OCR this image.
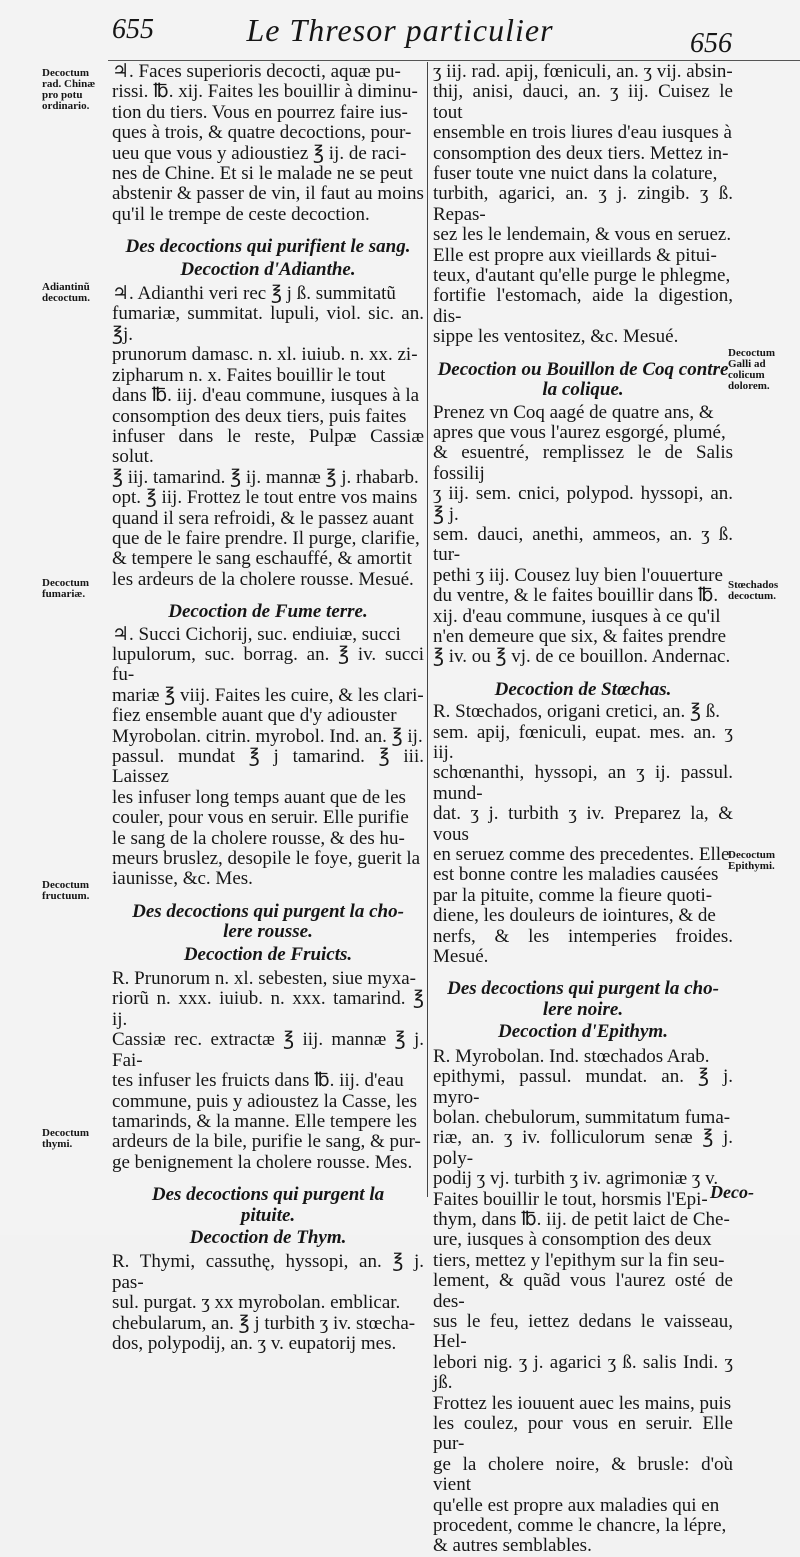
655	Le Thresor particulier	656
Decoctum
rad. Chinæ
pro potu
ordinario.
Adiantinũ
decoctum.
Decoctum
fumariæ.
Decoctum
fructuum.
Decoctum
thymi.
Decoctum
Galli ad
colicum
dolorem.
Stœchados
decoctum.
Decoctum
Epithymi.

♃. Faces superioris decocti, aquæ pu-
rissi. ℔. xij. Faites les bouillir à diminu-
tion du tiers. Vous en pourrez faire ius-
ques à trois, & quatre decoctions, pour-
ueu que vous y adioustiez ℥ ij. de raci-
nes de Chine. Et si le malade ne se peut
abstenir & passer de vin, il faut au moins
qu'il le trempe de ceste decoction.

Des decoctions qui purifient le sang.
Decoction d'Adianthe.

♃. Adianthi veri rec ℥ j ß. summitatũ
fumariæ, summitat. lupuli, viol. sic. an. ℥j.
prunorum damasc. n. xl. iuiub. n. xx. zi-
zipharum n. x. Faites bouillir le tout
dans ℔. iij. d'eau commune, iusques à la
consomption des deux tiers, puis faites
infuser dans le reste, Pulpæ Cassiæ solut.
℥ iij. tamarind. ℥ ij. mannæ ℥ j. rhabarb.
opt. ℥ iij. Frottez le tout entre vos mains
quand il sera refroidi, & le passez auant
que de le faire prendre. Il purge, clarifie,
& tempere le sang eschauffé, & amortit
les ardeurs de la cholere rousse. Mesué.

Decoction de Fume terre.

♃. Succi Cichorij, suc. endiuiæ, succi
lupulorum, suc. borrag. an. ℥ iv. succi fu-
mariæ ℥ viij. Faites les cuire, & les clari-
fiez ensemble auant que d'y adiouster
Myrobolan. citrin. myrobol. Ind. an. ℥ ij.
passul. mundat ℥ j tamarind. ℥ iii. Laissez
les infuser long temps auant que de les
couler, pour vous en seruir. Elle purifie
le sang de la cholere rousse, & des hu-
meurs bruslez, desopile le foye, guerit la
iaunisse, &c. Mes.

Des decoctions qui purgent la cho-
lere rousse.
Decoction de Fruicts.

R. Prunorum n. xl. sebesten, siue myxa-
riorũ n. xxx. iuiub. n. xxx. tamarind. ℥ ij.
Cassiæ rec. extractæ ℥ iij. mannæ ℥ j. Fai-
tes infuser les fruicts dans ℔. iij. d'eau
commune, puis y adioustez la Casse, les
tamarinds, & la manne. Elle tempere les
ardeurs de la bile, purifie le sang, & pur-
ge benignement la cholere rousse. Mes.

Des decoctions qui purgent la
pituite.
Decoction de Thym.

R. Thymi, cassuthę, hyssopi, an. ℥ j. pas-
sul. purgat. ʒ xx myrobolan. emblicar.
chebularum, an. ℥ j turbith ʒ iv. stœcha-
dos, polypodij, an. ʒ v. eupatorij mes.

ʒ iij. rad. apij, fœniculi, an. ʒ vij. absin-
thij, anisi, dauci, an. ʒ iij. Cuisez le tout
ensemble en trois liures d'eau iusques à
consomption des deux tiers. Mettez in-
fuser toute vne nuict dans la colature,
turbith, agarici, an. ʒ j. zingib. ʒ ß. Repas-
sez les le lendemain, & vous en seruez.
Elle est propre aux vieillards & pitui-
teux, d'autant qu'elle purge le phlegme,
fortifie l'estomach, aide la digestion, dis-
sippe les ventositez, &c. Mesué.

Decoction ou Bouillon de Coq contre
la colique.

Prenez vn Coq aagé de quatre ans, &
apres que vous l'aurez esgorgé, plumé,
& esuentré, remplissez le de Salis fossilij
ʒ iij. sem. cnici, polypod. hyssopi, an. ℥ j.
sem. dauci, anethi, ammeos, an. ʒ ß. tur-
pethi ʒ iij. Cousez luy bien l'ouuerture
du ventre, & le faites bouillir dans ℔.
xij. d'eau commune, iusques à ce qu'il
n'en demeure que six, & faites prendre
℥ iv. ou ℥ vj. de ce bouillon. Andernac.

Decoction de Stœchas.

R. Stœchados, origani cretici, an. ℥ ß.
sem. apij, fœniculi, eupat. mes. an. ʒ iij.
schœnanthi, hyssopi, an ʒ ij. passul. mund-
dat. ʒ j. turbith ʒ iv. Preparez la, & vous
en seruez comme des precedentes. Elle
est bonne contre les maladies causées
par la pituite, comme la fieure quoti-
diene, les douleurs de iointures, & de
nerfs, & les intemperies froides. Mesué.

Des decoctions qui purgent la cho-
lere noire.
Decoction d'Epithym.

R. Myrobolan. Ind. stœchados Arab.
epithymi, passul. mundat. an. ℥ j. myro-
bolan. chebulorum, summitatum fuma-
riæ, an. ʒ iv. folliculorum senæ ℥ j. poly-
podij ʒ vj. turbith ʒ iv. agrimoniæ ʒ v.
Faites bouillir le tout, horsmis l'Epi-
thym, dans ℔. iij. de petit laict de Che-
ure, iusques à consomption des deux
tiers, mettez y l'epithym sur la fin seu-
lement, & quãd vous l'aurez osté de des-
sus le feu, iettez dedans le vaisseau, Hel-
lebori nig. ʒ j. agarici ʒ ß. salis Indi. ʒ jß.
Frottez les iouuent auec les mains, puis
les coulez, pour vous en seruir. Elle pur-
ge la cholere noire, & brusle: d'où vient
qu'elle est propre aux maladies qui en
procedent, comme le chancre, la lépre,
& autres semblables.

Deco-
